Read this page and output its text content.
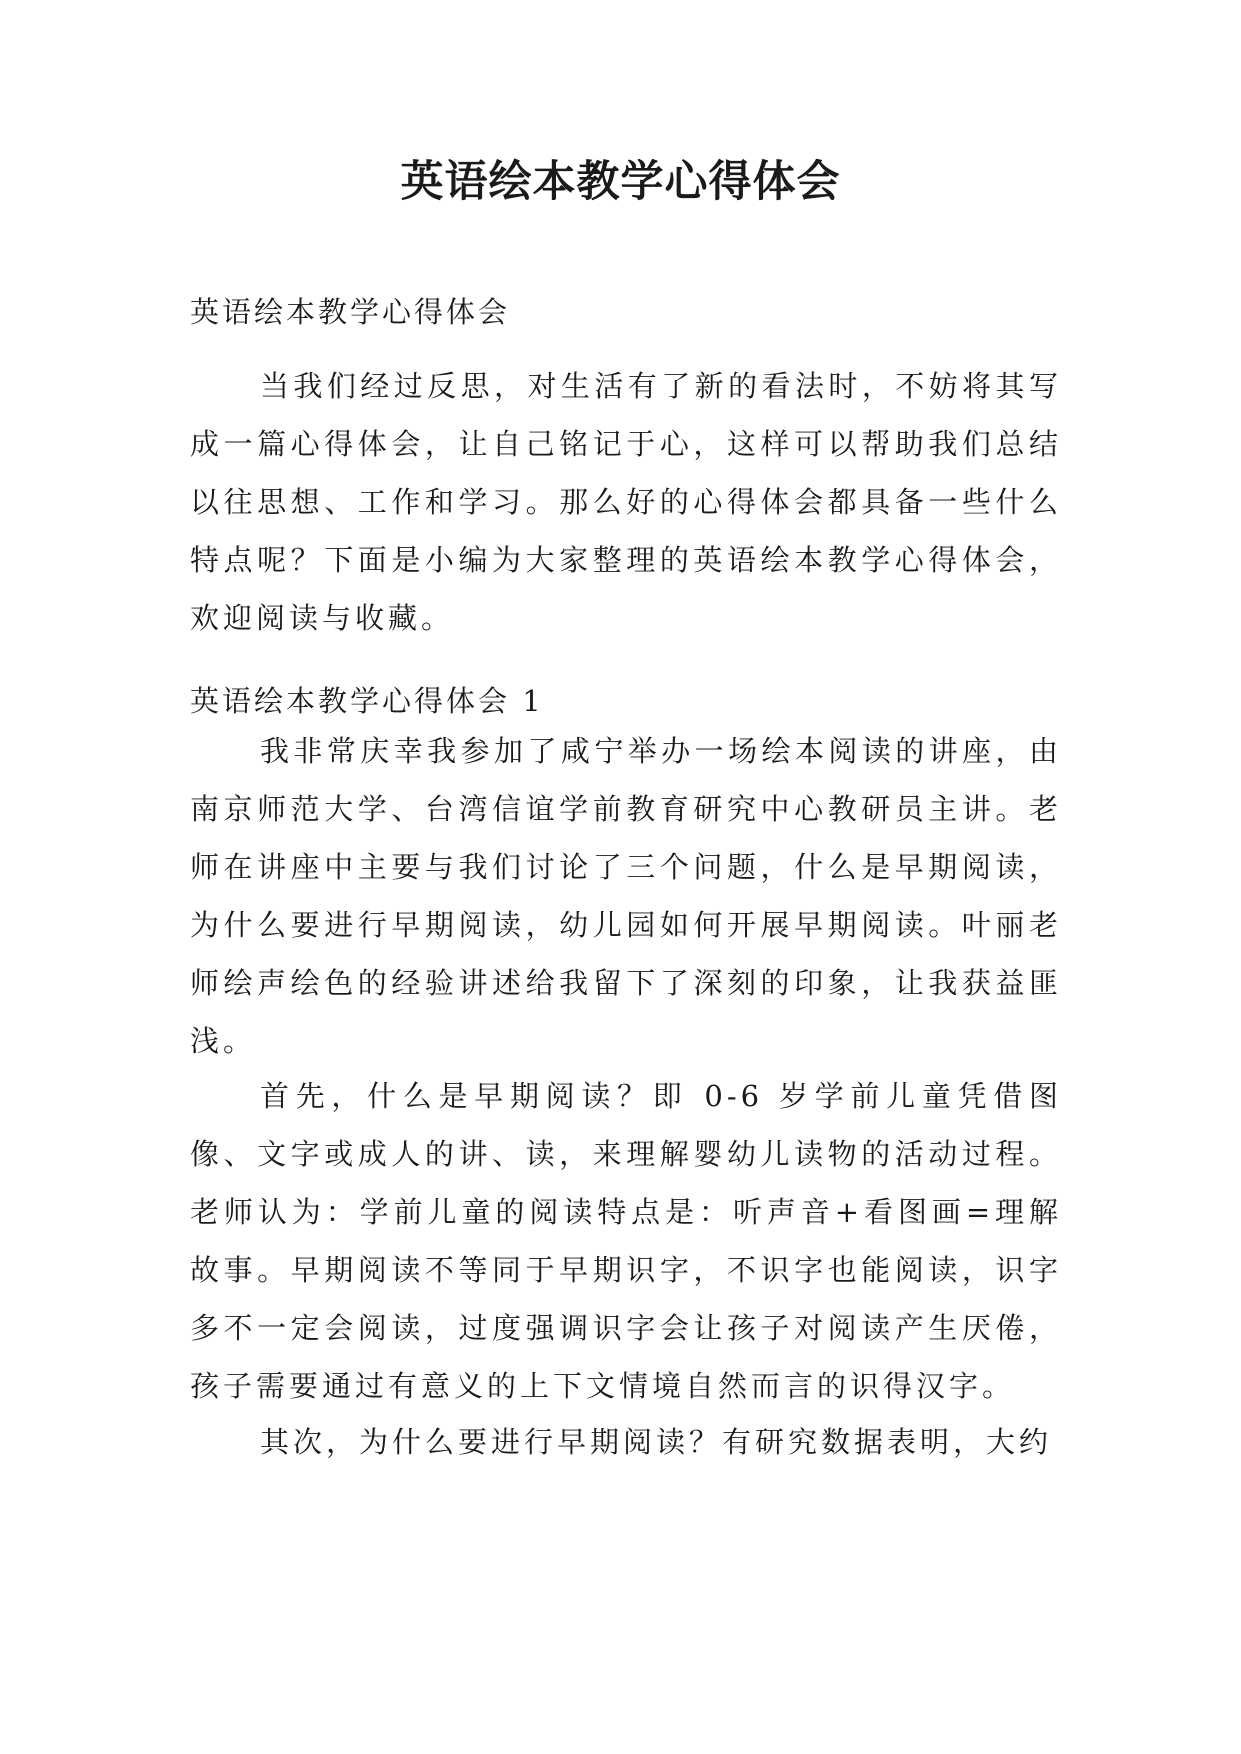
英语绘本教学心得体会
英语绘本教学心得体会

当我们经过反思，对生活有了新的看法时，不妨将其写成一篇心得体会，让自己铭记于心，这样可以帮助我们总结以往思想、工作和学习。那么好的心得体会都具备一些什么特点呢？下面是小编为大家整理的英语绘本教学心得体会，欢迎阅读与收藏。

英语绘本教学心得体会 1

我非常庆幸我参加了咸宁举办一场绘本阅读的讲座，由南京师范大学、台湾信谊学前教育研究中心教研员主讲。老师在讲座中主要与我们讨论了三个问题，什么是早期阅读，为什么要进行早期阅读，幼儿园如何开展早期阅读。叶丽老师绘声绘色的经验讲述给我留下了深刻的印象，让我获益匪浅。

首先，什么是早期阅读？即 0-6 岁学前儿童凭借图像、文字或成人的讲、读，来理解婴幼儿读物的活动过程。老师认为：学前儿童的阅读特点是：听声音+看图画=理解故事。早期阅读不等同于早期识字，不识字也能阅读，识字多不一定会阅读，过度强调识字会让孩子对阅读产生厌倦，孩子需要通过有意义的上下文情境自然而言的识得汉字。

其次，为什么要进行早期阅读？有研究数据表明，大约
